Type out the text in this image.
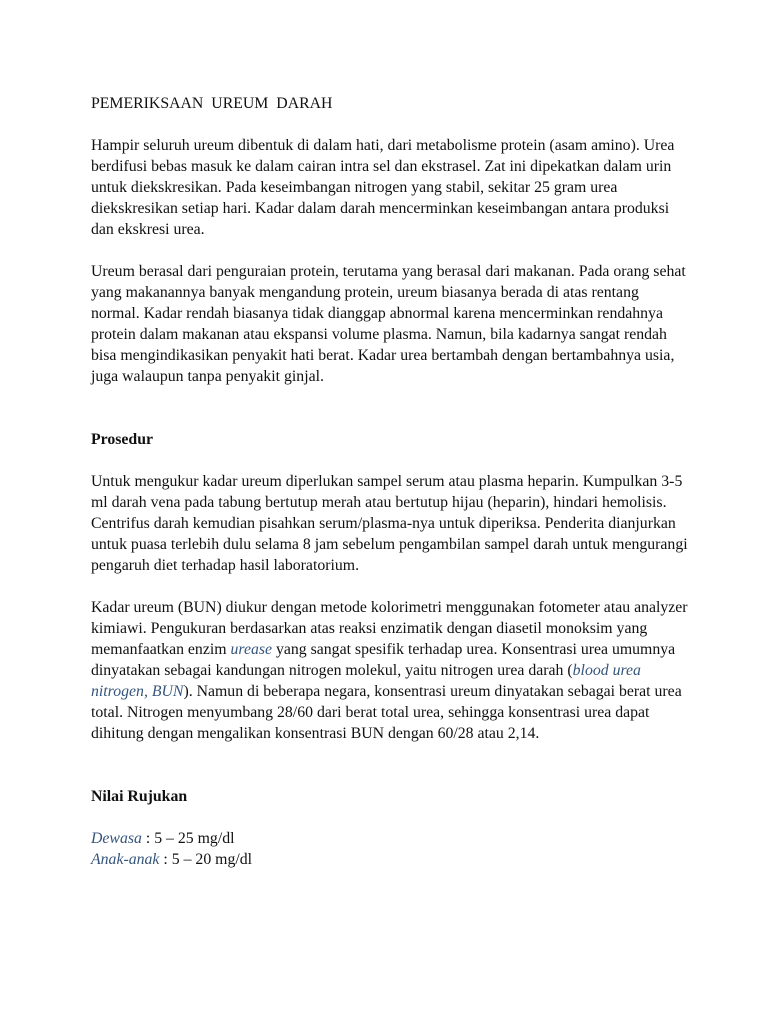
PEMERIKSAAN UREUM DARAH

Hampir seluruh ureum dibentuk di dalam hati, dari metabolisme protein (asam amino). Urea berdifusi bebas masuk ke dalam cairan intra sel dan ekstrasel. Zat ini dipekatkan dalam urin untuk diekskresikan. Pada keseimbangan nitrogen yang stabil, sekitar 25 gram urea diekskresikan setiap hari. Kadar dalam darah mencerminkan keseimbangan antara produksi dan ekskresi urea.

Ureum berasal dari penguraian protein, terutama yang berasal dari makanan. Pada orang sehat yang makanannya banyak mengandung protein, ureum biasanya berada di atas rentang normal. Kadar rendah biasanya tidak dianggap abnormal karena mencerminkan rendahnya protein dalam makanan atau ekspansi volume plasma. Namun, bila kadarnya sangat rendah bisa mengindikasikan penyakit hati berat. Kadar urea bertambah dengan bertambahnya usia, juga walaupun tanpa penyakit ginjal.

Prosedur

Untuk mengukur kadar ureum diperlukan sampel serum atau plasma heparin. Kumpulkan 3-5 ml darah vena pada tabung bertutup merah atau bertutup hijau (heparin), hindari hemolisis. Centrifus darah kemudian pisahkan serum/plasma-nya untuk diperiksa. Penderita dianjurkan untuk puasa terlebih dulu selama 8 jam sebelum pengambilan sampel darah untuk mengurangi pengaruh diet terhadap hasil laboratorium.

Kadar ureum (BUN) diukur dengan metode kolorimetri menggunakan fotometer atau analyzer kimiawi. Pengukuran berdasarkan atas reaksi enzimatik dengan diasetil monoksim yang memanfaatkan enzim urease yang sangat spesifik terhadap urea. Konsentrasi urea umumnya dinyatakan sebagai kandungan nitrogen molekul, yaitu nitrogen urea darah (blood urea nitrogen, BUN). Namun di beberapa negara, konsentrasi ureum dinyatakan sebagai berat urea total. Nitrogen menyumbang 28/60 dari berat total urea, sehingga konsentrasi urea dapat dihitung dengan mengalikan konsentrasi BUN dengan 60/28 atau 2,14.

Nilai Rujukan
Dewasa : 5 – 25 mg/dl
Anak-anak : 5 – 20 mg/dl
